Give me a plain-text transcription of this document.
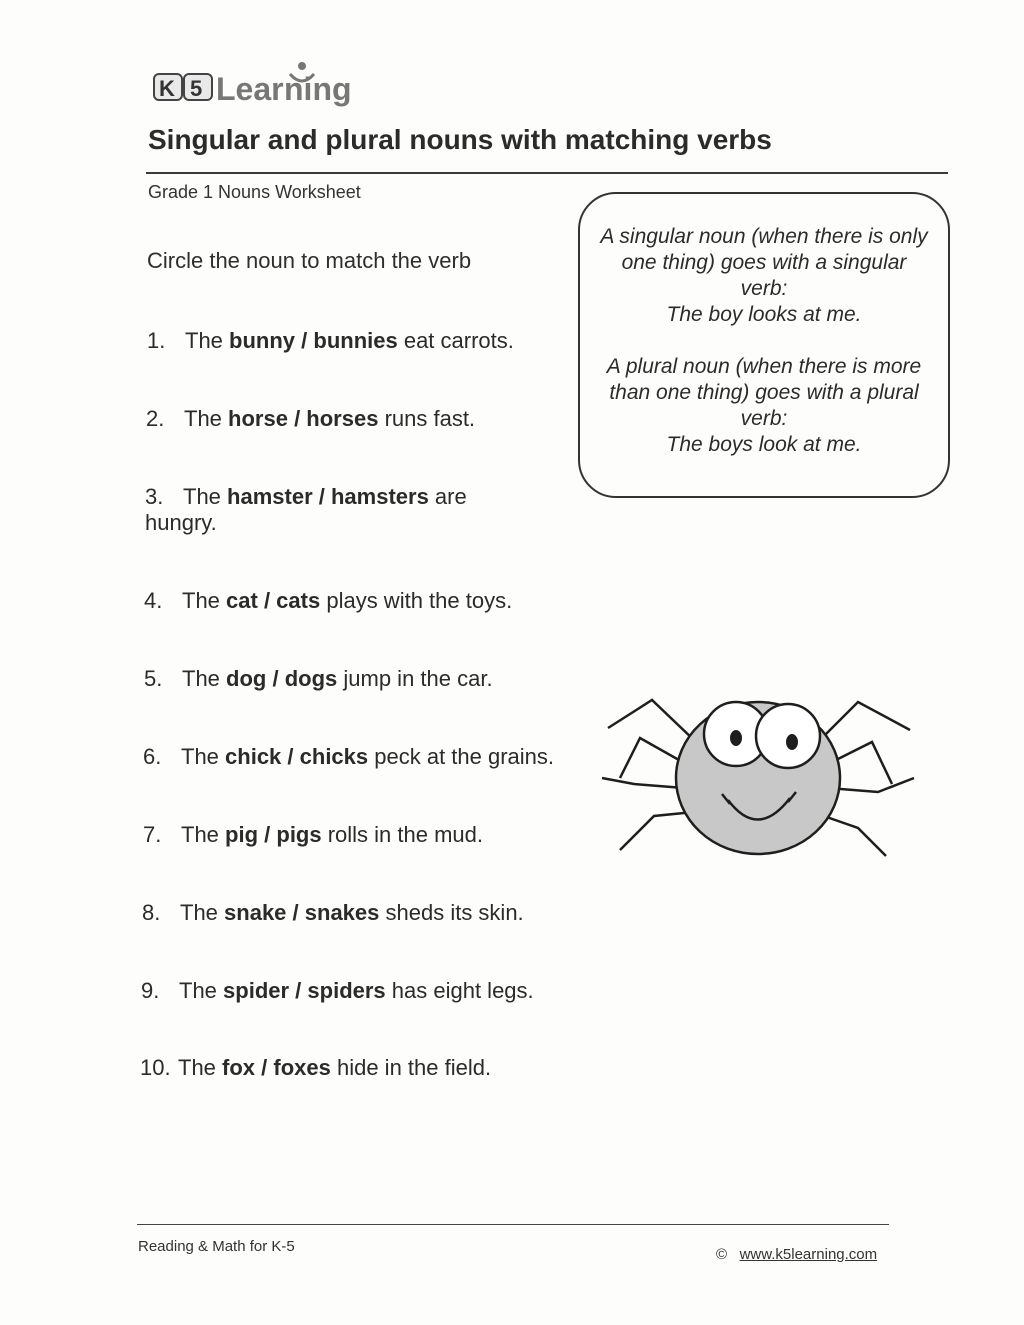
K 5 Lear ning
Singular and plural nouns with matching verbs
Grade 1 Nouns Worksheet
Circle the noun to match the verb
1. The bunny / bunnies eat carrots.
2. The horse / horses runs fast.
3. The hamster / hamsters are hungry.
4. The cat / cats plays with the toys.
5. The dog / dogs jump in the car.
6. The chick / chicks peck at the grains.
7. The pig / pigs rolls in the mud.
8. The snake / snakes sheds its skin.
9. The spider / spiders has eight legs.
10. The fox / foxes hide in the field.

A singular noun (when there is only one thing) goes with a singular verb:
The boy looks at me.

A plural noun (when there is more than one thing) goes with a plural verb:
The boys look at me.

Reading & Math for K-5	© www.k5learning.com
